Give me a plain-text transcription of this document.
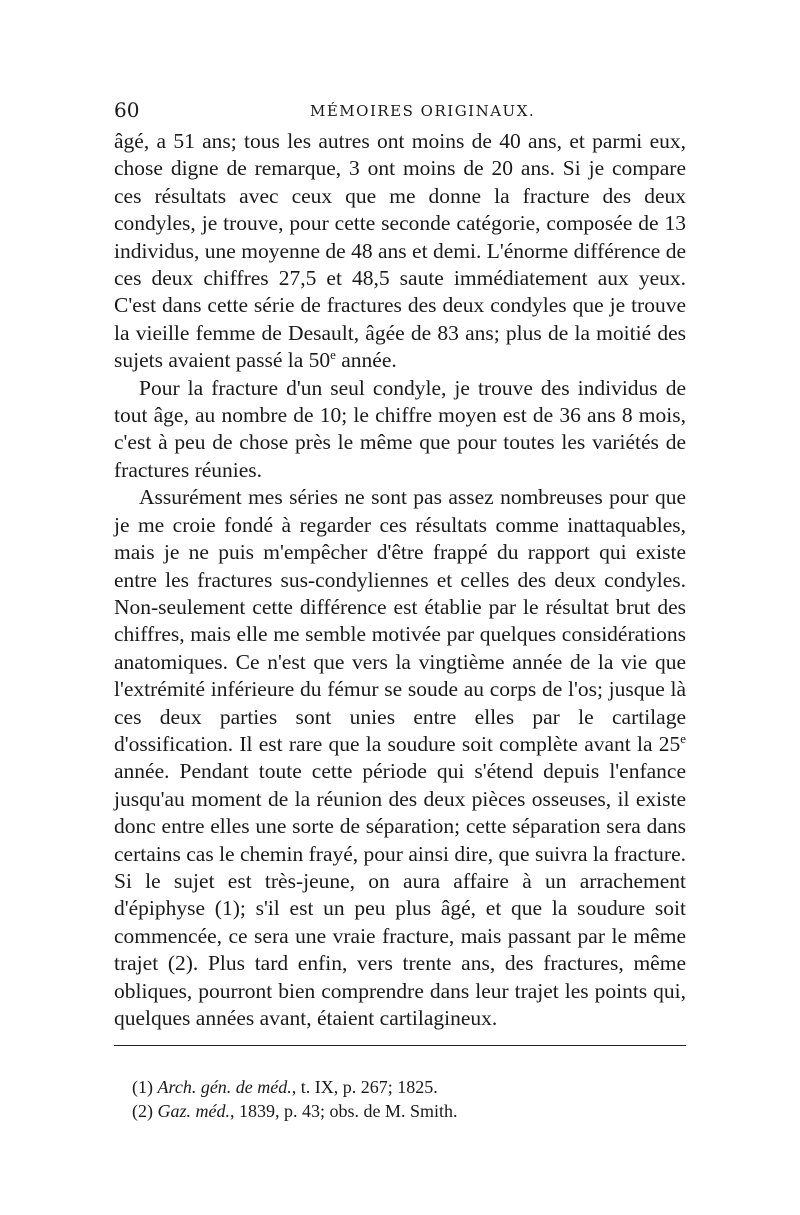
60	MÉMOIRES ORIGINAUX.

âgé, a 51 ans; tous les autres ont moins de 40 ans, et parmi eux, chose digne de remarque, 3 ont moins de 20 ans. Si je compare ces résultats avec ceux que me donne la fracture des deux condyles, je trouve, pour cette seconde catégorie, composée de 13 individus, une moyenne de 48 ans et demi. L'énorme différence de ces deux chiffres 27,5 et 48,5 saute immédiatement aux yeux. C'est dans cette série de fractures des deux condyles que je trouve la vieille femme de Desault, âgée de 83 ans; plus de la moitié des sujets avaient passé la 50e année.

Pour la fracture d'un seul condyle, je trouve des individus de tout âge, au nombre de 10; le chiffre moyen est de 36 ans 8 mois, c'est à peu de chose près le même que pour toutes les variétés de fractures réunies.

Assurément mes séries ne sont pas assez nombreuses pour que je me croie fondé à regarder ces résultats comme inattaquables, mais je ne puis m'empêcher d'être frappé du rapport qui existe entre les fractures sus-condyliennes et celles des deux condyles. Non-seulement cette différence est établie par le résultat brut des chiffres, mais elle me semble motivée par quelques considérations anatomiques. Ce n'est que vers la vingtième année de la vie que l'extrémité inférieure du fémur se soude au corps de l'os; jusque là ces deux parties sont unies entre elles par le cartilage d'ossification. Il est rare que la soudure soit complète avant la 25e année. Pendant toute cette période qui s'étend depuis l'enfance jusqu'au moment de la réunion des deux pièces osseuses, il existe donc entre elles une sorte de séparation; cette séparation sera dans certains cas le chemin frayé, pour ainsi dire, que suivra la fracture. Si le sujet est très-jeune, on aura affaire à un arrachement d'épiphyse (1); s'il est un peu plus âgé, et que la soudure soit commencée, ce sera une vraie fracture, mais passant par le même trajet (2). Plus tard enfin, vers trente ans, des fractures, même obliques, pourront bien comprendre dans leur trajet les points qui, quelques années avant, étaient cartilagineux.

(1) Arch. gén. de méd., t. IX, p. 267; 1825.
(2) Gaz. méd., 1839, p. 43; obs. de M. Smith.
